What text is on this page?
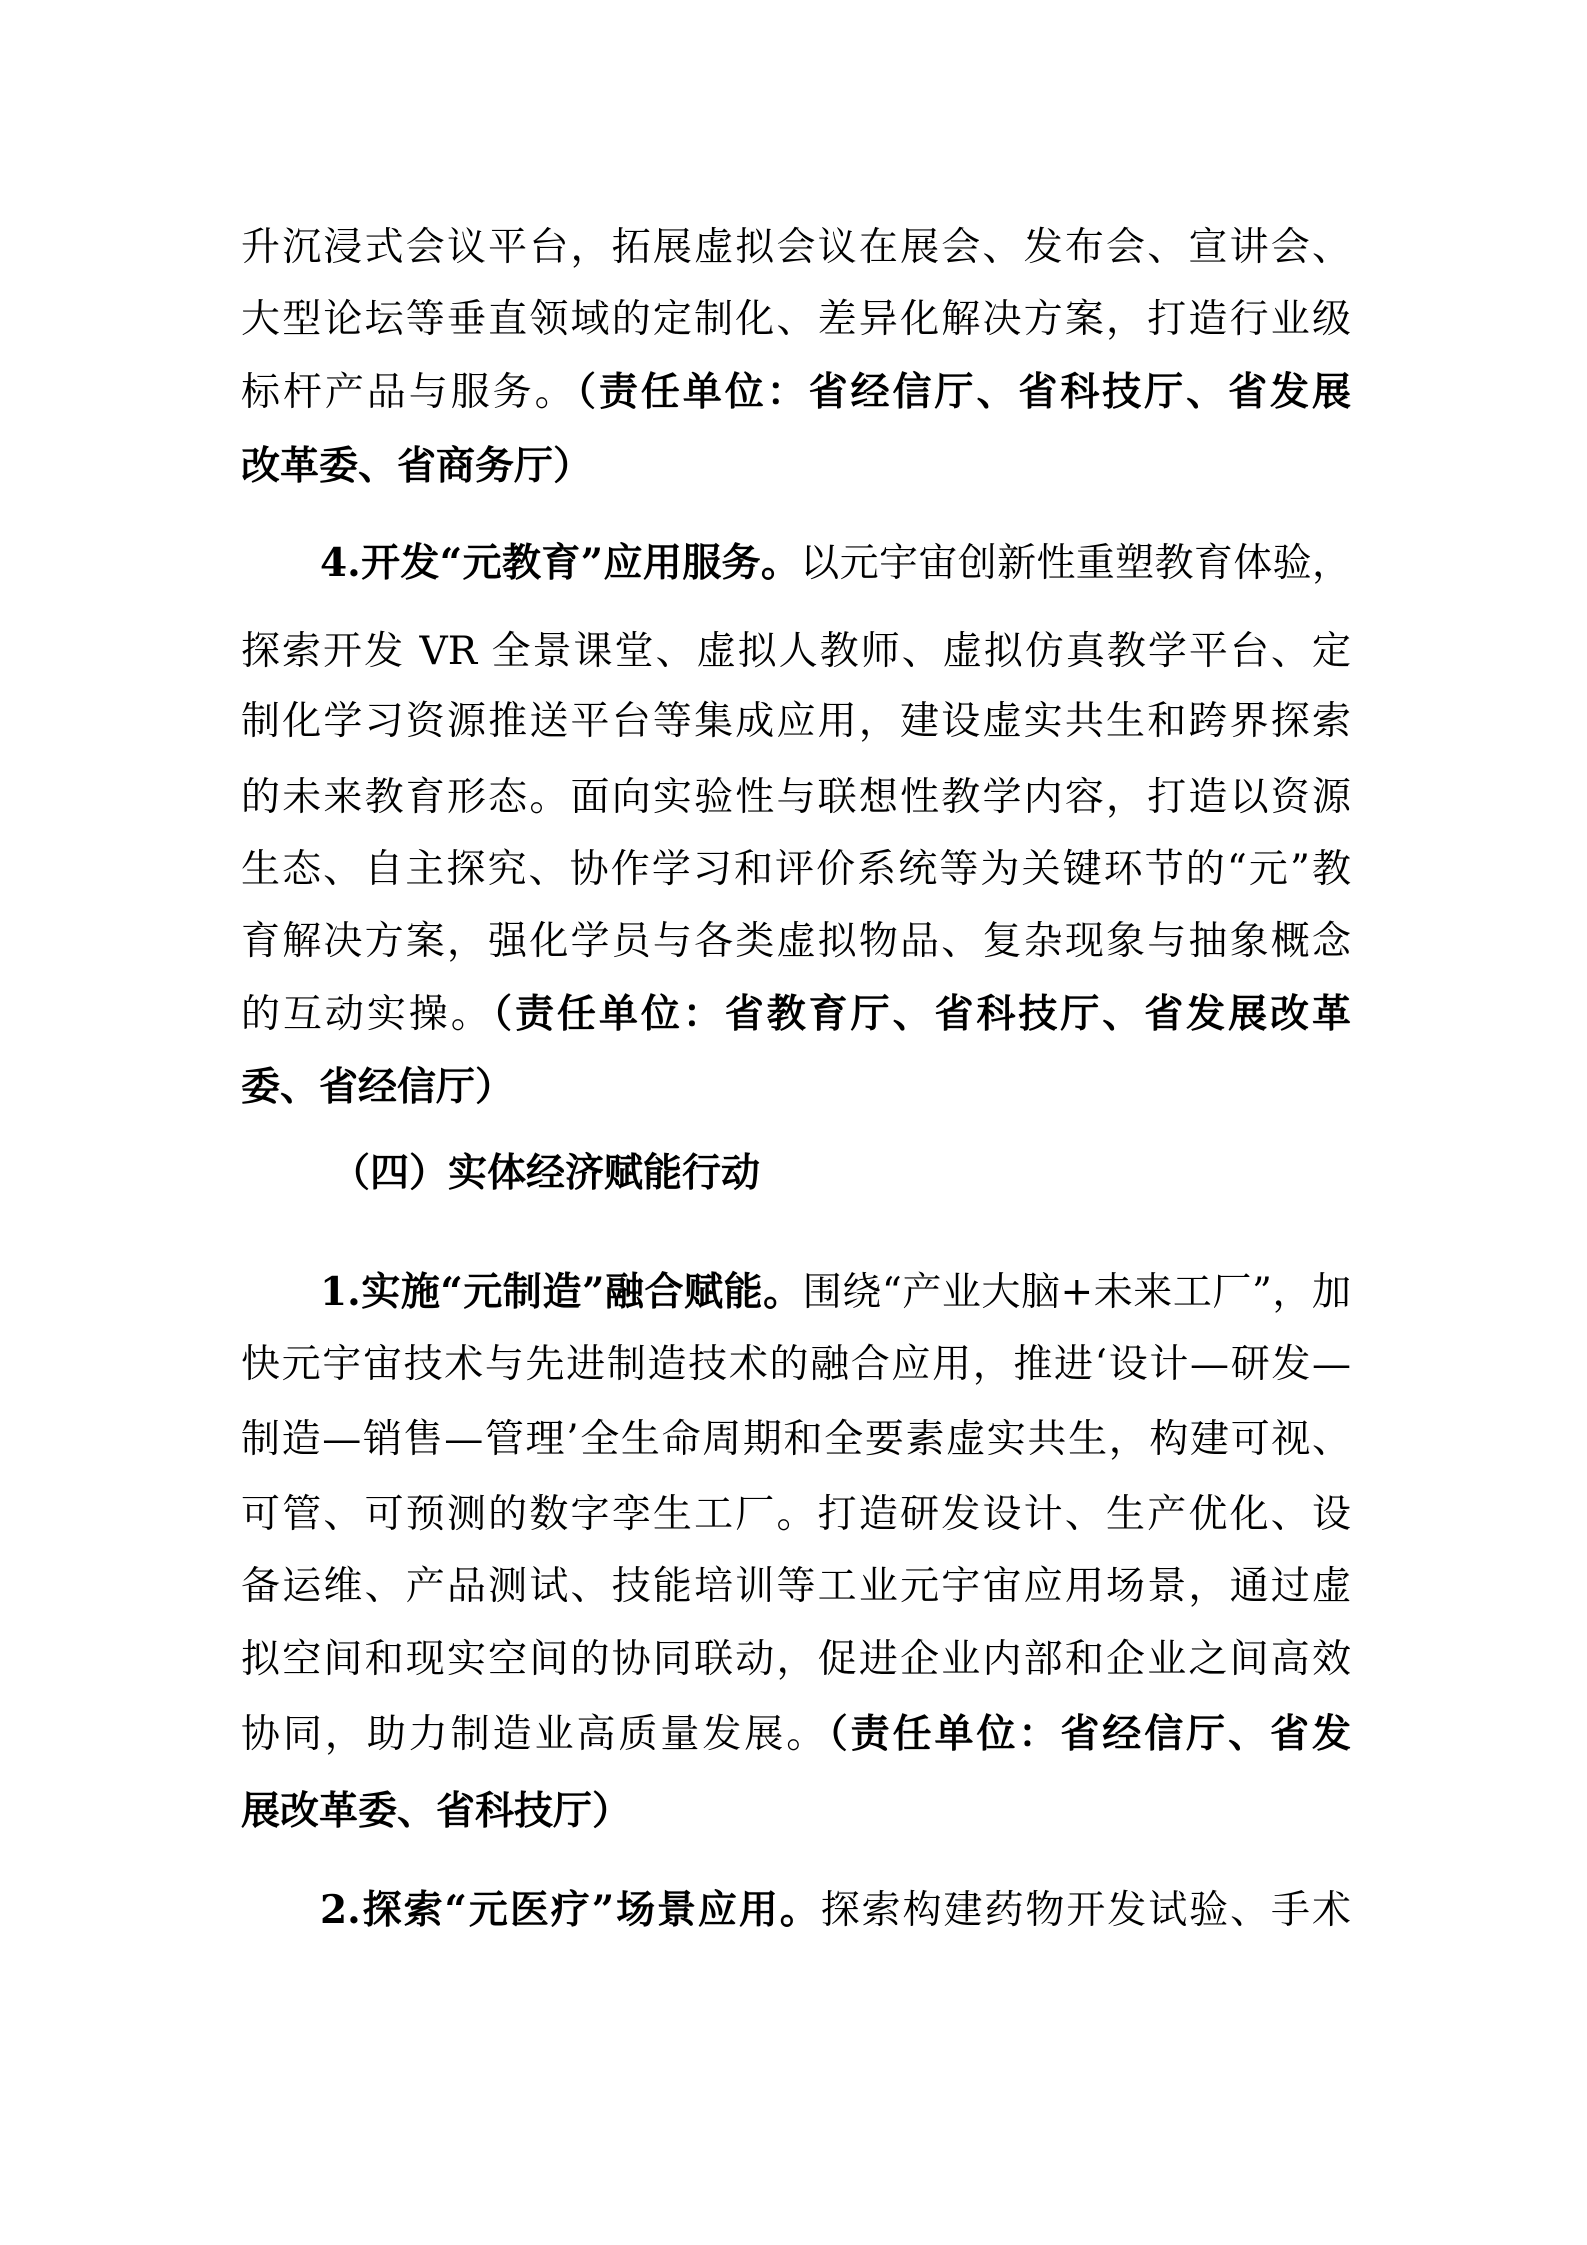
升沉浸式会议平台，拓展虚拟会议在展会、发布会、宣讲会、
大型论坛等垂直领域的定制化、差异化解决方案，打造行业级
标杆产品与服务。（责任单位：省经信厅、省科技厅、省发展
改革委、省商务厅）
4.开发“元教育”应用服务。以元宇宙创新性重塑教育体验，
探索开发 VR 全景课堂、虚拟人教师、虚拟仿真教学平台、定
制化学习资源推送平台等集成应用，建设虚实共生和跨界探索
的未来教育形态。面向实验性与联想性教学内容，打造以资源
生态、自主探究、协作学习和评价系统等为关键环节的“元”教
育解决方案，强化学员与各类虚拟物品、复杂现象与抽象概念
的互动实操。（责任单位：省教育厅、省科技厅、省发展改革
委、省经信厅）
（四）实体经济赋能行动
1.实施“元制造”融合赋能。围绕“产业大脑+未来工厂”，加
快元宇宙技术与先进制造技术的融合应用，推进‘设计—研发—
制造—销售—管理’全生命周期和全要素虚实共生，构建可视、
可管、可预测的数字孪生工厂。打造研发设计、生产优化、设
备运维、产品测试、技能培训等工业元宇宙应用场景，通过虚
拟空间和现实空间的协同联动，促进企业内部和企业之间高效
协同，助力制造业高质量发展。（责任单位：省经信厅、省发
展改革委、省科技厅）
2.探索“元医疗”场景应用。探索构建药物开发试验、手术
